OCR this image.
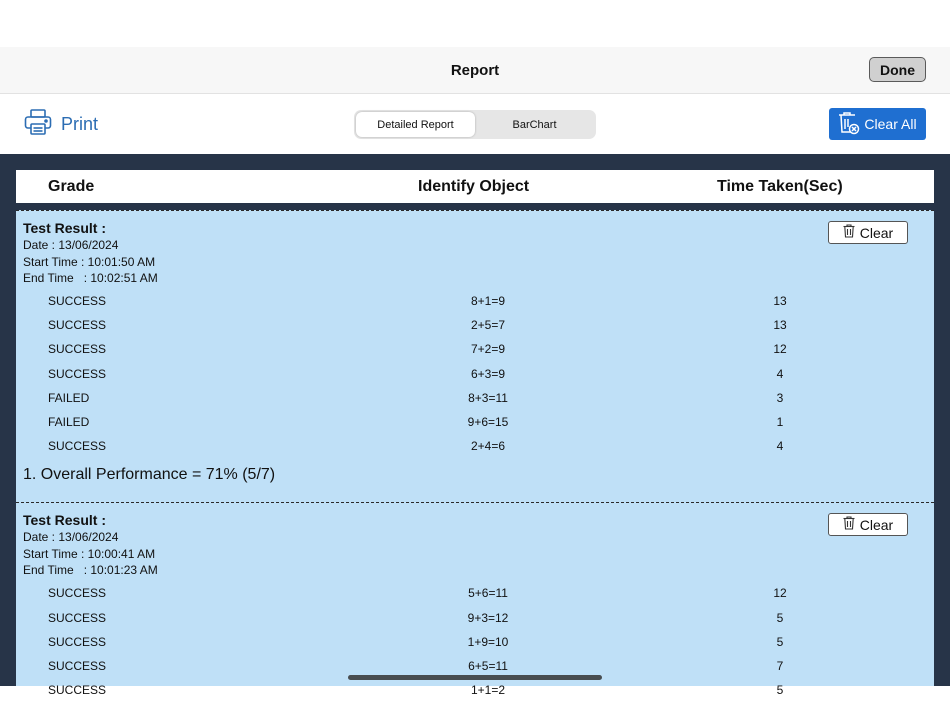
Report	Done
Print	Detailed Report	BarChart	Clear All
Grade	Identify Object	Time Taken(Sec)
Test Result :
Date : 13/06/2024
Start Time : 10:01:50 AM
End Time   : 10:02:51 AM
Clear
SUCCESS	8+1=9	13
SUCCESS	2+5=7	13
SUCCESS	7+2=9	12
SUCCESS	6+3=9	4
FAILED	8+3=11	3
FAILED	9+6=15	1
SUCCESS	2+4=6	4
1. Overall Performance = 71% (5/7)
Test Result :
Date : 13/06/2024
Start Time : 10:00:41 AM
End Time   : 10:01:23 AM
Clear
SUCCESS	5+6=11	12
SUCCESS	9+3=12	5
SUCCESS	1+9=10	5
SUCCESS	6+5=11	7
SUCCESS	1+1=2	5
